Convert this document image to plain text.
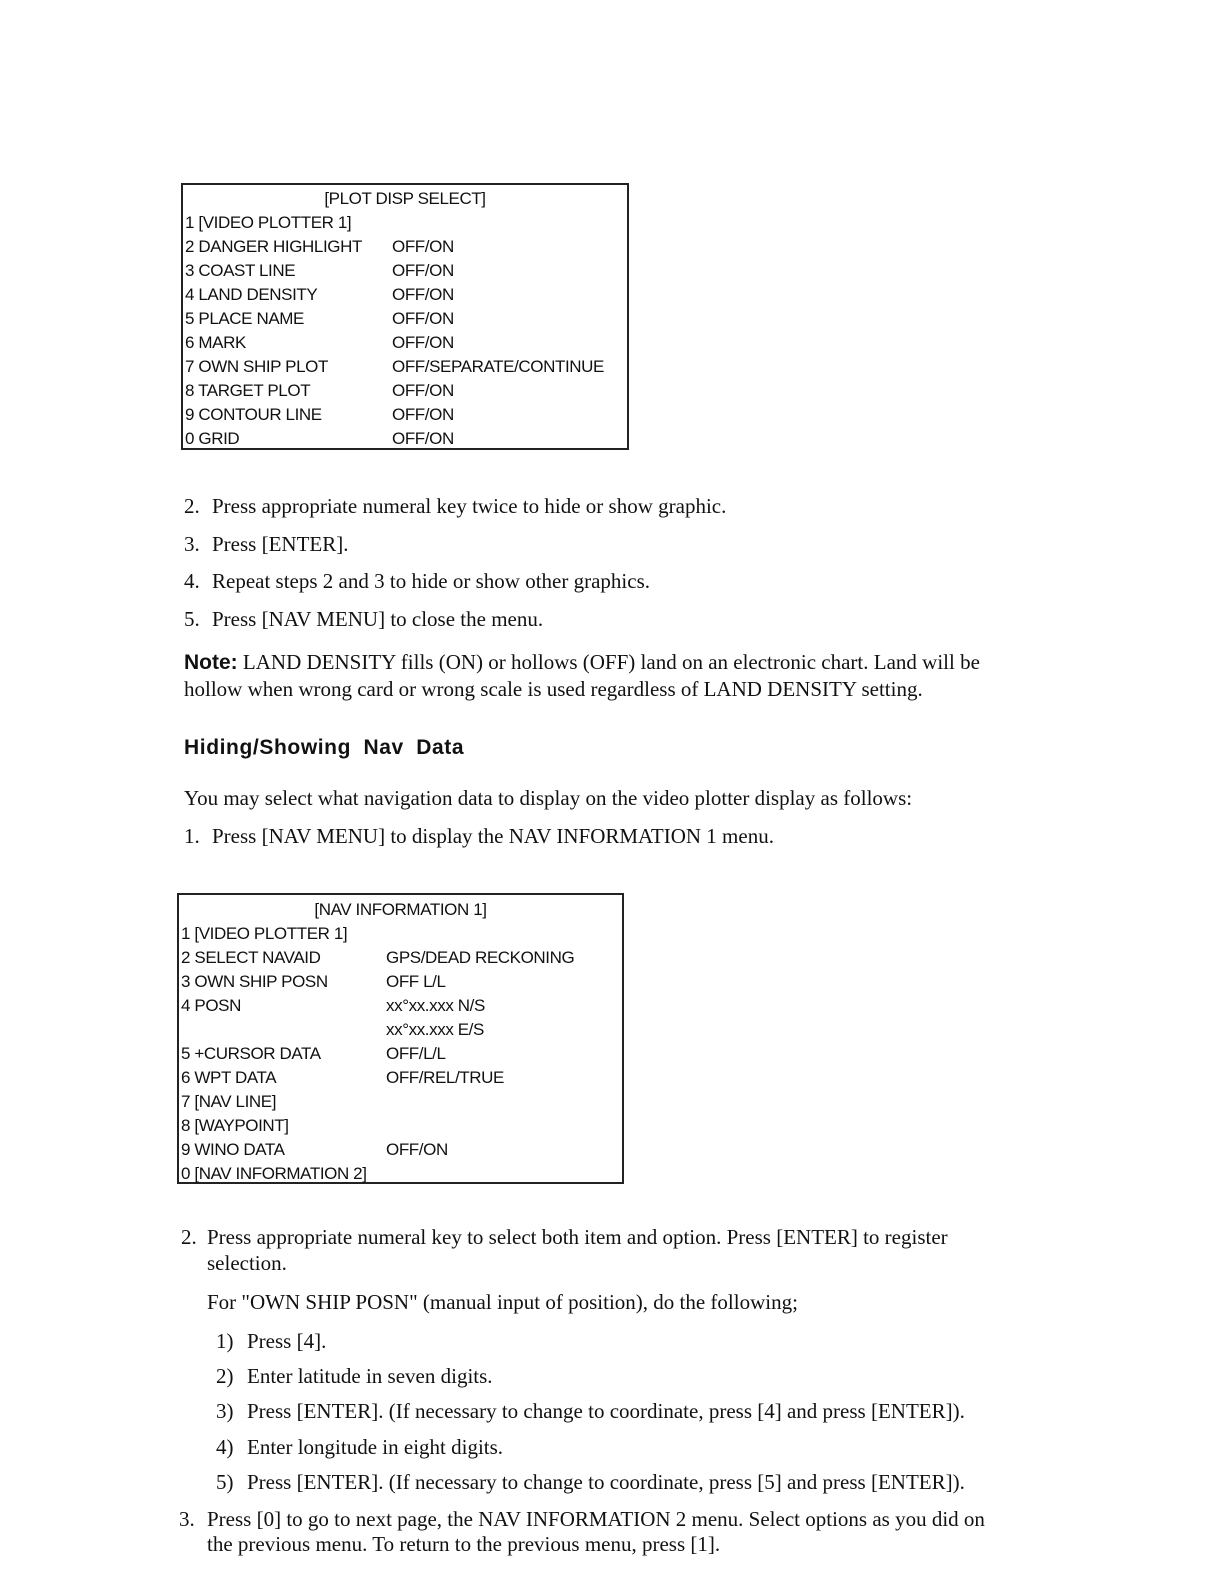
[PLOT DISP SELECT]
1 [VIDEO PLOTTER 1]
2 DANGER HIGHLIGHT	OFF/ON
3 COAST LINE	OFF/ON
4 LAND DENSITY	OFF/ON
5 PLACE NAME	OFF/ON
6 MARK	OFF/ON
7 OWN SHIP PLOT	OFF/SEPARATE/CONTINUE
8 TARGET PLOT	OFF/ON
9 CONTOUR LINE	OFF/ON
0 GRID	OFF/ON
2. Press appropriate numeral key twice to hide or show graphic.
3. Press [ENTER].
4. Repeat steps 2 and 3 to hide or show other graphics.
5. Press [NAV MENU] to close the menu.
Note: LAND DENSITY fills (ON) or hollows (OFF) land on an electronic chart. Land will be
hollow when wrong card or wrong scale is used regardless of LAND DENSITY setting.
Hiding/Showing Nav Data
You may select what navigation data to display on the video plotter display as follows:
1. Press [NAV MENU] to display the NAV INFORMATION 1 menu.
[NAV INFORMATION 1]
1 [VIDEO PLOTTER 1]
2 SELECT NAVAID	GPS/DEAD RECKONING
3 OWN SHIP POSN	OFF L/L
4 POSN	xx°xx.xxx N/S
xx°xx.xxx E/S
5 +CURSOR DATA	OFF/L/L
6 WPT DATA	OFF/REL/TRUE
7 [NAV LINE]
8 [WAYPOINT]
9 WINO DATA	OFF/ON
0 [NAV INFORMATION 2]
2. Press appropriate numeral key to select both item and option. Press [ENTER] to register
selection.
For "OWN SHIP POSN" (manual input of position), do the following;
1) Press [4].
2) Enter latitude in seven digits.
3) Press [ENTER]. (If necessary to change to coordinate, press [4] and press [ENTER]).
4) Enter longitude in eight digits.
5) Press [ENTER]. (If necessary to change to coordinate, press [5] and press [ENTER]).
3. Press [0] to go to next page, the NAV INFORMATION 2 menu. Select options as you did on
the previous menu. To return to the previous menu, press [1].
